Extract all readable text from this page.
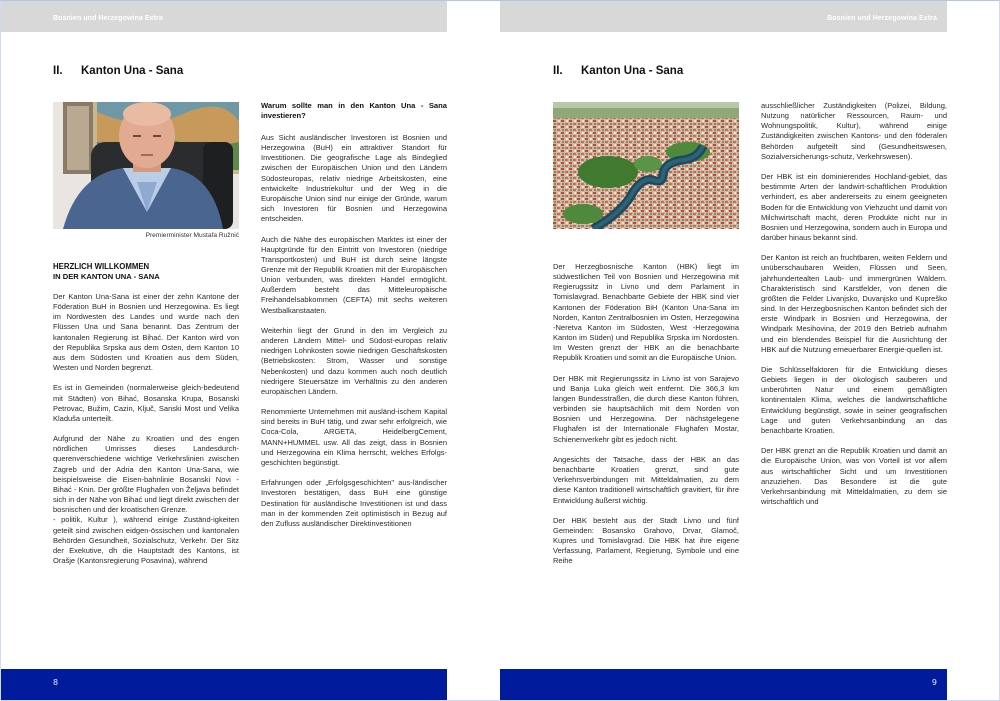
Bosnien und Herzegowina Extra
II.	Kanton Una - Sana
Premierminister Mustafa Ružnić
HERZLICH WILLKOMMEN
IN DER KANTON UNA - SANA

Der Kanton Una-Sana ist einer der zehn Kantone der Föderation BuH in Bosnien und Herzegowina. Es liegt im Nordwesten des Landes und wurde nach den Flüssen Una und Sana benannt. Das Zentrum der kantonalen Regierung ist Bihać. Der Kanton wird von der Republika Srpska aus dem Osten, dem Kanton 10 aus dem Südosten und Kroatien aus dem Süden, Westen und Norden begrenzt.

Es ist in Gemeinden (normalerweise gleich-bedeutend mit Städten) von Bihać, Bosanska Krupa, Bosanski Petrovac, Bužim, Cazin, Ključ, Sanski Most und Velika Kladuša unterteilt.

Aufgrund der Nähe zu Kroatien und des engen nördlichen Umrisses dieses Landesdurch-querenverschiedene wichtige Verkehrslinien zwischen Zagreb und der Adria den Kanton Una-Sana, wie beispielsweise die Eisen-bahnlinie Bosanski Novi - Bihać - Knin. Der größte Flughafen von Željava befindet sich in der Nähe von Bihać und liegt direkt zwischen der bosnischen und der kroatischen Grenze.

- politik, Kultur ), während einige Zuständ-igkeiten geteilt sind zwischen eidgen-össischen und kantonalen Behörden Gesundheit, Sozialschutz, Verkehr. Der Sitz der Exekutive, dh die Hauptstadt des Kantons, ist Orašje (Kantonsregierung Posavina), während

Warum sollte man in den Kanton Una - Sana investieren?

Aus Sicht ausländischer Investoren ist Bosnien und Herzegowina (BuH) ein attraktiver Standort für Investitionen. Die geografische Lage als Bindeglied zwischen der Europäischen Union und den Ländern Südosteuropas, relativ niedrige Arbeitskosten, eine entwickelte Industriekultur und der Weg in die Europäische Union sind nur einige der Gründe, warum sich Investoren für Bosnien und Herzegowina entscheiden.

Auch die Nähe des europäischen Marktes ist einer der Hauptgründe für den Eintritt von Investoren (niedrige Transportkosten) und BuH ist durch seine längste Grenze mit der Republik Kroatien mit der Europäischen Union verbunden, was direkten Handel ermöglicht. Außerdem besteht das Mitteleuropäische Freihandelsabkommen (CEFTA) mit sechs weiteren Westbalkanstaaten.

Weiterhin liegt der Grund in den im Vergleich zu anderen Ländern Mittel- und Südost-europas relativ niedrigen Lohnkosten sowie niedrigen Geschäftskosten (Betriebskosten: Strom, Wasser und sonstige Nebenkosten) und dazu kommen auch noch deutlich niedrigere Steuersätze im Verhältnis zu den anderen europäischen Ländern.

Renommierte Unternehmen mit ausländ-ischem Kapital sind bereits in BuH tätig, und zwar sehr erfolgreich, wie Coca-Cola, ARGETA, HeidelbergCement, MANN+HUMMEL usw. All das zeigt, dass in Bosnien und Herzegowina ein Klima herrscht, welches Erfolgs-geschichten begünstigt.

Erfahrungen oder „Erfolgsgeschichten" aus-ländischer Investoren bestätigen, dass BuH eine günstige Destination für ausländische Investitionen ist und dass man in der kommenden Zeit optimistisch in Bezug auf den Zufluss ausländischer Direktinvestitionen

8
Bosnien und Herzegowina Extra
II.	Kanton Una - Sana

Der Herzegbosnische Kanton (HBK) liegt im südwestlichen Teil von Bosnien und Herzegowina mit Regierugssitz in Livno und dem Parlament in Tomislavgrad. Benachbarte Gebiete der HBK sind vier Kantonen der Föderation BiH (Kanton Una-Sana im Norden, Kanton Zentralbosnien im Osten, Herzegowina -Neretva Kanton im Südosten, West -Herzegowina Kanton im Süden) und Republika Srpska im Nordosten. Im Westen grenzt der HBK an die benachbarte Republik Kroatien und somit an die Europäische Union.

Der HBK mit Regierungssitz in Livno ist von Sarajevo und Banja Luka gleich weit entfernt. Die 366,3 km langen Bundesstraßen, die durch diese Kanton führen, verbinden sie hauptsächlich mit dem Norden von Bosnien und Herzegowina. Der nächstgelegene Flughafen ist der Internationale Flughafen Mostar, Schienenverkehr gibt es jedoch nicht.

Angesichts der Tatsache, dass der HBK an das benachbarte Kroatien grenzt, sind gute Verkehrsverbindungen mit Mitteldalmatien, zu dem diese Kanton traditionell wirtschaftlich gravitiert, für ihre Entwicklung äußerst wichtig.

Der HBK besteht aus der Stadt Livno und fünf Gemeinden: Bosansko Grahovo, Drvar, Glamoč, Kupres und Tomislavgrad. Die HBK hat ihre eigene Verfassung, Parlament, Regierung, Symbole und eine Reihe

ausschließlicher Zuständigkeiten (Polizei, Bildung, Nutzung natürlicher Ressourcen, Raum- und Wohnungspolitik, Kultur), während einige Zuständigkeiten zwischen Kantons- und den föderalen Behörden aufgeteilt sind (Gesundheitswesen, Sozialversicherungs-schutz, Verkehrswesen).

Der HBK ist ein dominierendes Hochland-gebiet, das bestimmte Arten der landwirt-schaftlichen Produktion verhindert, es aber andererseits zu einem geeigneten Boden für die Entwicklung von Viehzucht und damit von Milchwirtschaft macht, deren Produkte nicht nur in Bosnien und Herzegowina, sondern auch in Europa und darüber hinaus bekannt sind.

Der Kanton ist reich an fruchtbaren, weiten Feldern und unüberschaubaren Weiden, Flüssen und Seen, jahrhundertealten Laub- und immergrünen Wäldern. Charakteristisch sind Karstfelder, von denen die größten die Felder Livanjsko, Duvanjsko und Kupreško sind. In der Herzegbosnischen Kanton befindet sich der erste Windpark in Bosnien und Herzegowina, der Windpark Mesihovina, der 2019 den Betrieb aufnahm und ein blendendes Beispiel für die Ausrichtung der HBK auf die Nutzung erneuerbarer Energie-quellen ist.

Die Schlüsselfaktoren für die Entwicklung dieses Gebiets liegen in der ökologisch sauberen und unberührten Natur und einem gemäßigten kontinentalen Klima, welches die landwirtschaftliche Entwicklung begünstigt, sowie in seiner geografischen Lage und guten Verkehrsanbindung an das benachbarte Kroatien.

Der HBK grenzt an die Republik Kroatien und damit an die Europäische Union, was von Vorteil ist vor allem aus wirtschaftlicher Sicht und um Investitionen anzuziehen. Das Besondere ist die gute Verkehrsanbindung mit Mitteldalmatien, zu dem sie wirtschaftlich und

9
